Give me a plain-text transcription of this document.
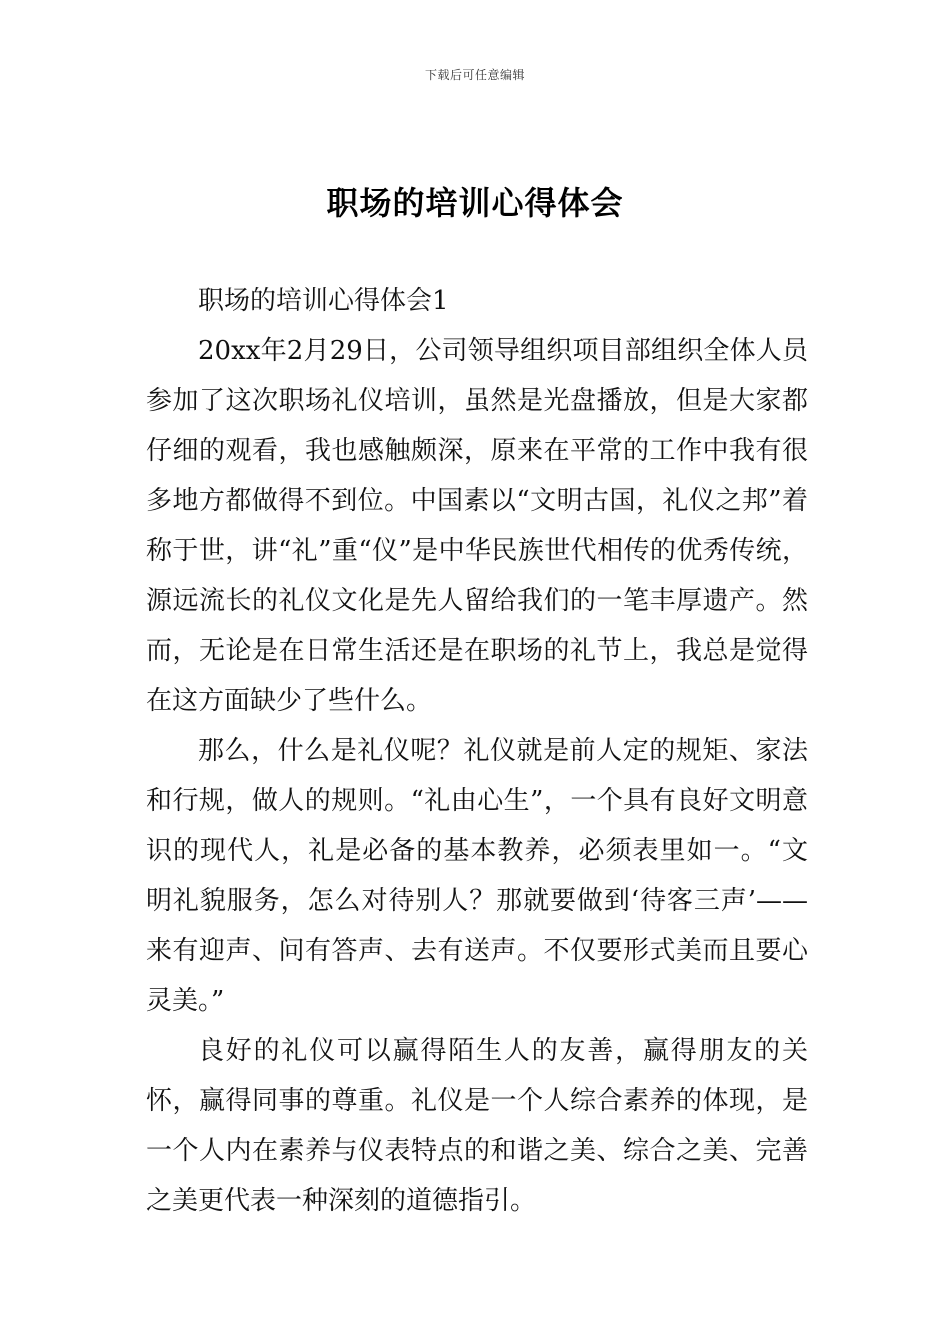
下载后可任意编辑
职场的培训心得体会

职场的培训心得体会1

20xx年2月29日，公司领导组织项目部组织全体人员参加了这次职场礼仪培训，虽然是光盘播放，但是大家都仔细的观看，我也感触颇深，原来在平常的工作中我有很多地方都做得不到位。中国素以“文明古国，礼仪之邦”着称于世，讲“礼”重“仪”是中华民族世代相传的优秀传统，源远流长的礼仪文化是先人留给我们的一笔丰厚遗产。然而，无论是在日常生活还是在职场的礼节上，我总是觉得在这方面缺少了些什么。

那么，什么是礼仪呢？礼仪就是前人定的规矩、家法和行规，做人的规则。“礼由心生”，一个具有良好文明意识的现代人，礼是必备的基本教养，必须表里如一。“文明礼貌服务，怎么对待别人？那就要做到‘待客三声’——来有迎声、问有答声、去有送声。不仅要形式美而且要心灵美。”

良好的礼仪可以赢得陌生人的友善，赢得朋友的关怀，赢得同事的尊重。礼仪是一个人综合素养的体现，是一个人内在素养与仪表特点的和谐之美、综合之美、完善之美更代表一种深刻的道德指引。
